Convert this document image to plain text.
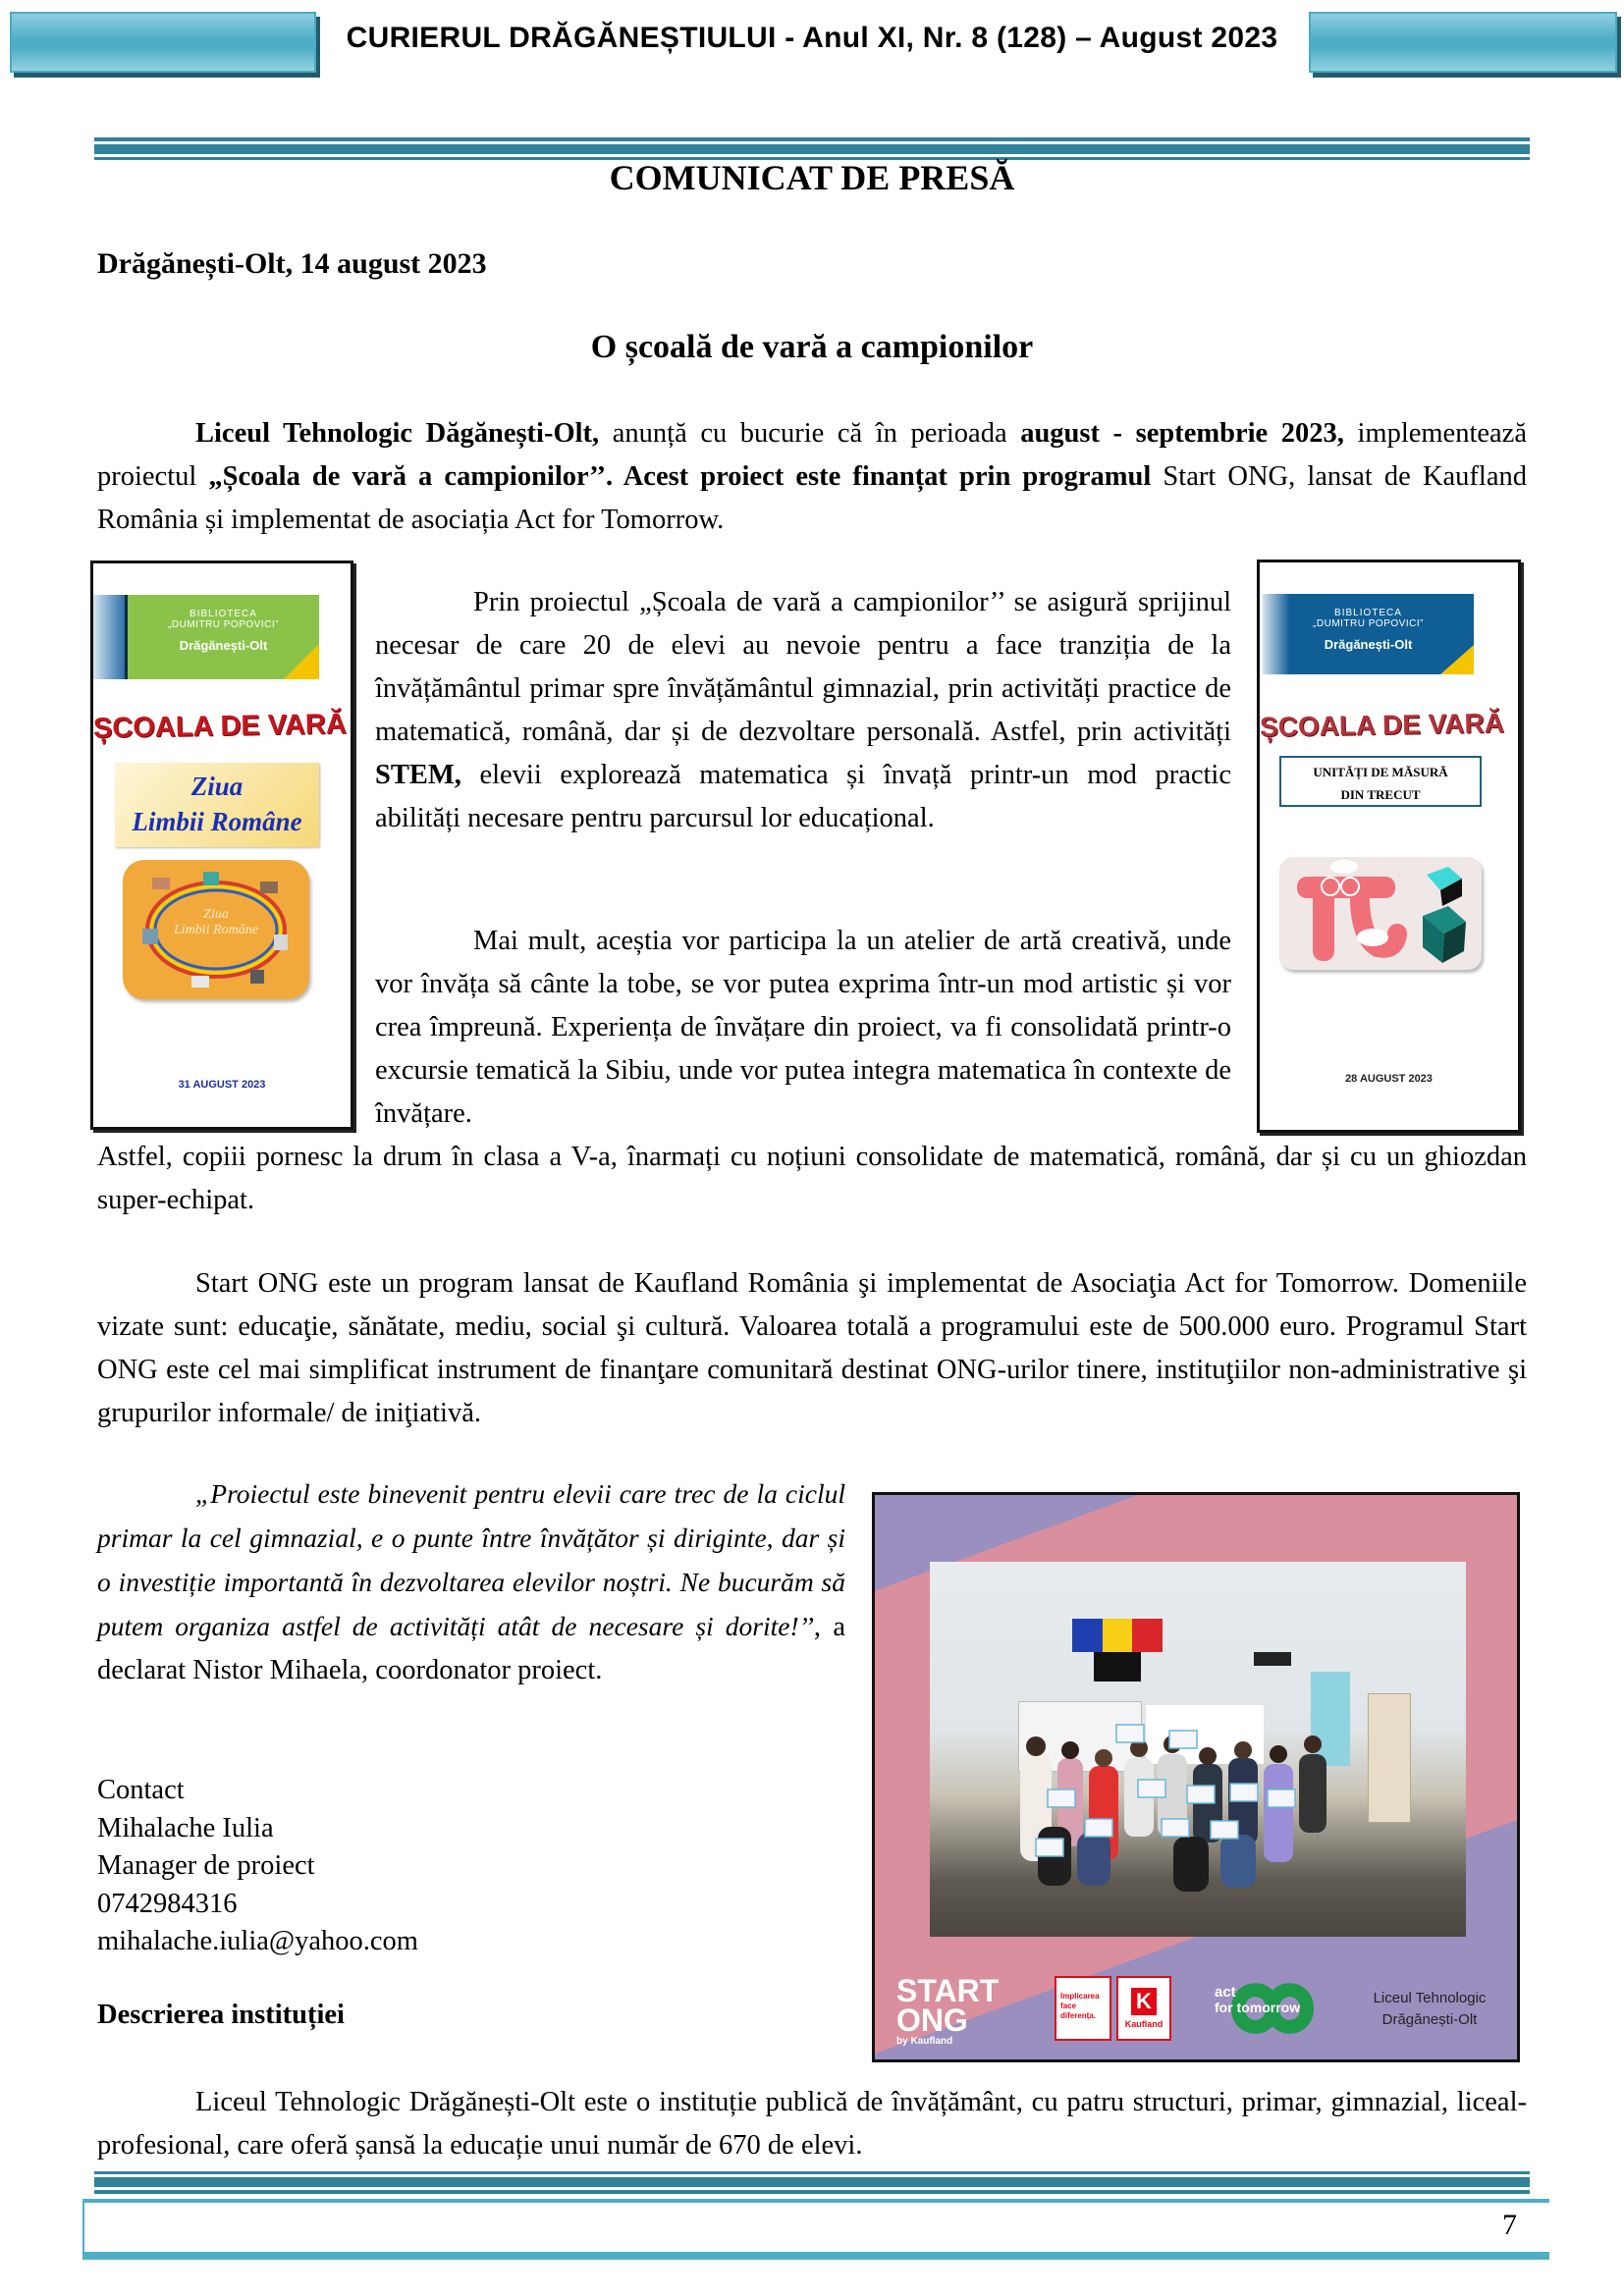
CURIERUL DRĂGĂNEȘTIULUI - Anul XI, Nr. 8 (128) – August 2023
COMUNICAT DE PRESĂ
Drăgănești-Olt, 14 august 2023
O școală de vară a campionilor

Liceul Tehnologic Dăgănești-Olt, anunță cu bucurie că în perioada august - septembrie 2023, implementează proiectul „Școala de vară a campionilor’’. Acest proiect este finanțat prin programul Start ONG, lansat de Kaufland România și implementat de asociația Act for Tomorrow.

BIBLIOTECA
„DUMITRU POPOVICI”
Drăgănești-Olt
ȘCOALA DE VARĂ
Ziua
Limbii Române
Ziua
Limbii Române
31 AUGUST 2023
BIBLIOTECA
„DUMITRU POPOVICI”
Drăgănești-Olt
ȘCOALA DE VARĂ
UNITĂȚI DE MĂSURĂ
DIN TRECUT
28 AUGUST 2023

Prin proiectul „Școala de vară a campionilor’’ se asigură sprijinul necesar de care 20 de elevi au nevoie pentru a face tranziția de la învățământul primar spre învățământul gimnazial, prin activități practice de matematică, română, dar și de dezvoltare personală. Astfel, prin activități STEM, elevii explorează matematica și învață printr-un mod practic abilități necesare pentru parcursul lor educațional.

Mai mult, aceștia vor participa la un atelier de artă creativă, unde vor învăța să cânte la tobe, se vor putea exprima într-un mod artistic și vor crea împreună. Experiența de învățare din proiect, va fi consolidată printr-o excursie tematică la Sibiu, unde vor putea integra matematica în contexte de învățare.

Astfel, copiii pornesc la drum în clasa a V-a, înarmați cu noțiuni consolidate de matematică, română, dar și cu un ghiozdan super-echipat.

Start ONG este un program lansat de Kaufland România şi implementat de Asociaţia Act for Tomorrow. Domeniile vizate sunt: educaţie, sănătate, mediu, social şi cultură. Valoarea totală a programului este de 500.000 euro. Programul Start ONG este cel mai simplificat instrument de finanţare comunitară destinat ONG-urilor tinere, instituţiilor non-administrative şi grupurilor informale/ de iniţiativă.

„Proiectul este binevenit pentru elevii care trec de la ciclul primar la cel gimnazial, e o punte între învățător și diriginte, dar și o investiție importantă în dezvoltarea elevilor noștri. Ne bucurăm să putem organiza astfel de activități atât de necesare și dorite!’’, a declarat Nistor Mihaela, coordonator proiect.

Contact
Mihalache Iulia
Manager de proiect
0742984316
mihalache.iulia@yahoo.com
Descrierea instituției
START
ONG
by Kaufland
Implicarea face diferența.
K
Kaufland
act
for tomorrow
Liceul Tehnologic
Drăgănești-Olt

Liceul Tehnologic Drăgănești-Olt este o instituție publică de învățământ, cu patru structuri, primar, gimnazial, liceal-profesional, care oferă șansă la educație unui număr de 670 de elevi.

7
